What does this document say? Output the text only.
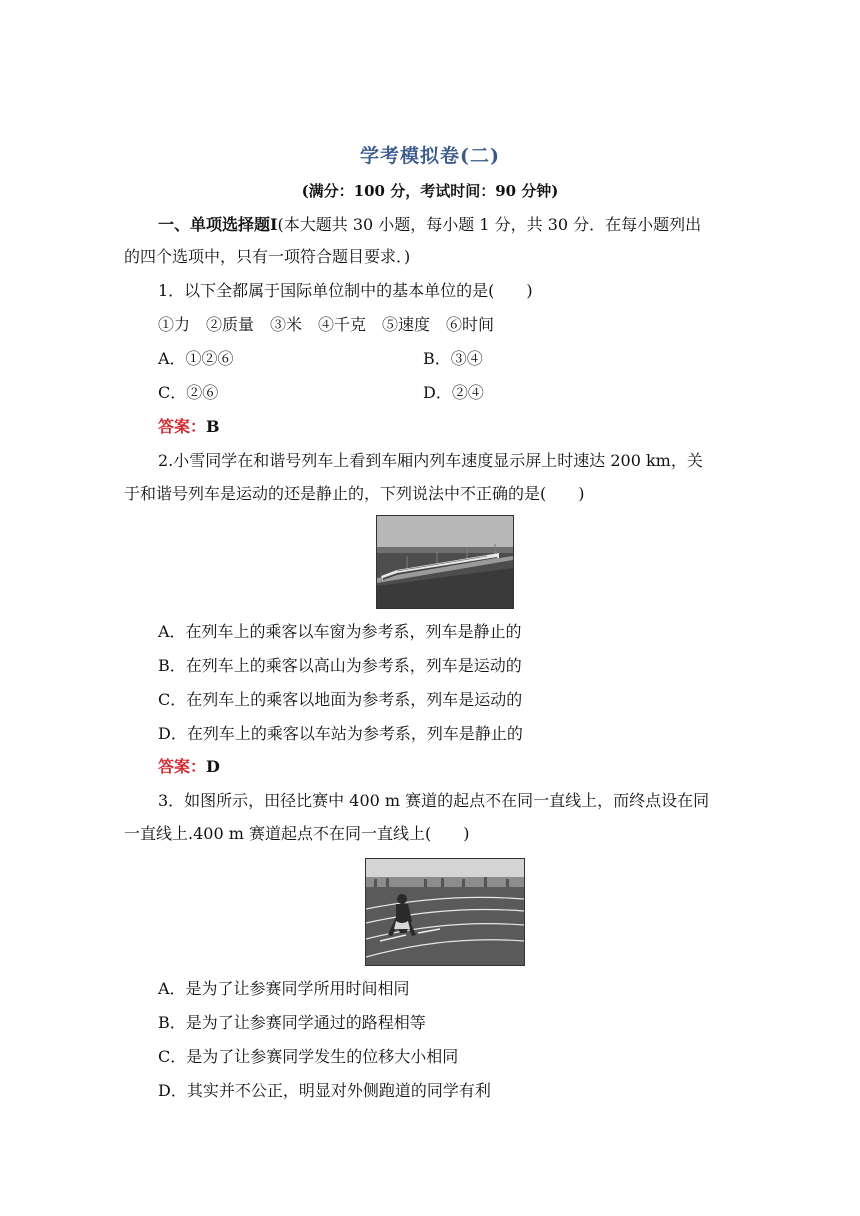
学考模拟卷(二)
(满分：100 分，考试时间：90 分钟)
一、单项选择题Ⅰ(本大题共 30 小题，每小题 1 分，共 30 分．在每小题列出
的四个选项中，只有一项符合题目要求．)
1．以下全都属于国际单位制中的基本单位的是(　　)
①力　②质量　③米　④千克　⑤速度　⑥时间
A．①②⑥	B．③④
C．②⑥	D．②④
答案：B
2.小雪同学在和谐号列车上看到车厢内列车速度显示屏上时速达 200 km，关
于和谐号列车是运动的还是静止的，下列说法中不正确的是(　　)
A．在列车上的乘客以车窗为参考系，列车是静止的
B．在列车上的乘客以高山为参考系，列车是运动的
C．在列车上的乘客以地面为参考系，列车是运动的
D．在列车上的乘客以车站为参考系，列车是静止的
答案：D
3．如图所示，田径比赛中 400 m 赛道的起点不在同一直线上，而终点设在同
一直线上.400 m 赛道起点不在同一直线上(　　)
A．是为了让参赛同学所用时间相同
B．是为了让参赛同学通过的路程相等
C．是为了让参赛同学发生的位移大小相同
D．其实并不公正，明显对外侧跑道的同学有利
